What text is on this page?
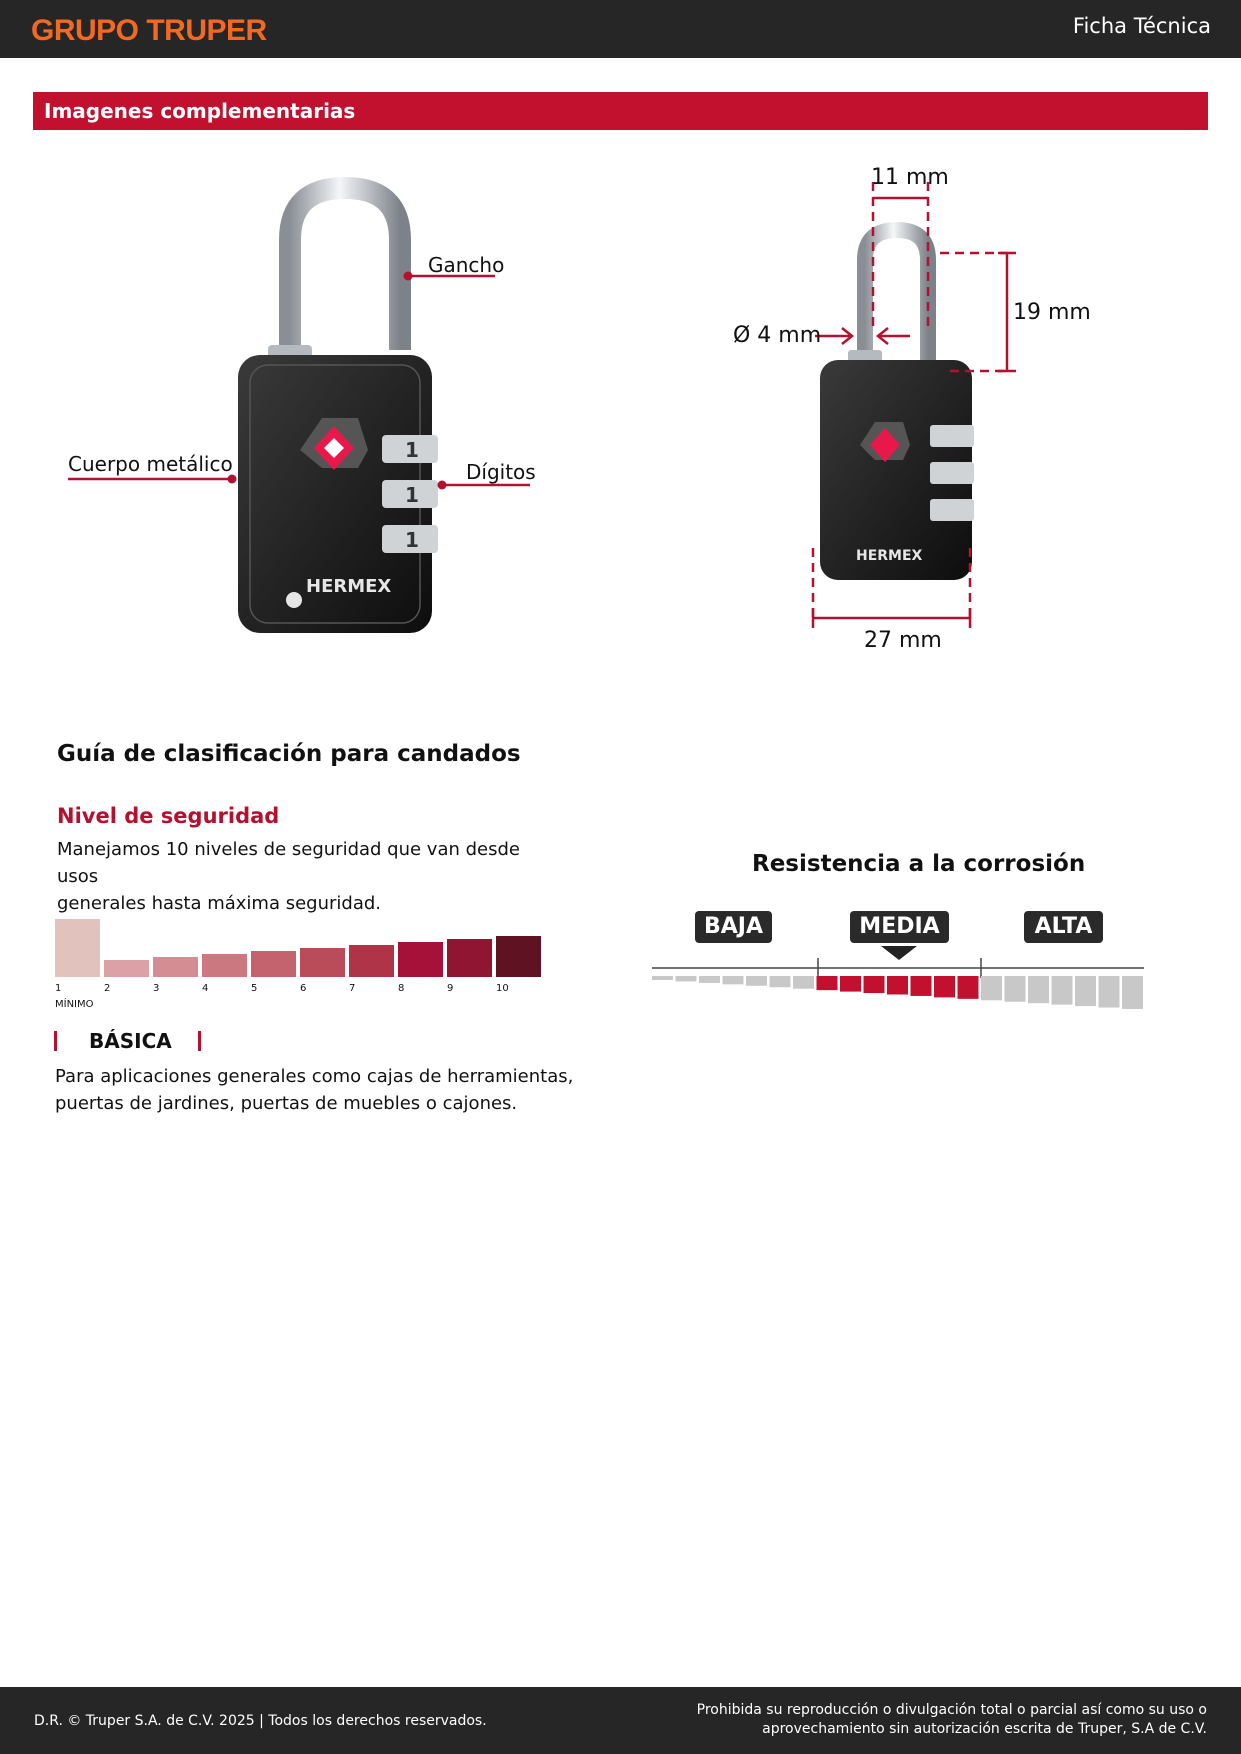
GRUPO TRUPER	Ficha Técnica
Imagenes complementarias
1
1
1
HERMEX
Gancho
Cuerpo metálico	Dígitos
HERMEX
11 mm
19 mm
Ø 4 mm
27 mm
Guía de clasificación para candados
Nivel de seguridad
Manejamos 10 niveles de seguridad que van desde usos
generales hasta máxima seguridad.
1	2	3	4	5	6	7	8	9	10
MÍNIMO
BÁSICA
Para aplicaciones generales como cajas de herramientas,
puertas de jardines, puertas de muebles o cajones.
Resistencia a la corrosión
BAJA	MEDIA	ALTA
D.R. © Truper S.A. de C.V. 2025 | Todos los derechos reservados.
Prohibida su reproducción o divulgación total o parcial así como su uso o
aprovechamiento sin autorización escrita de Truper, S.A de C.V.
